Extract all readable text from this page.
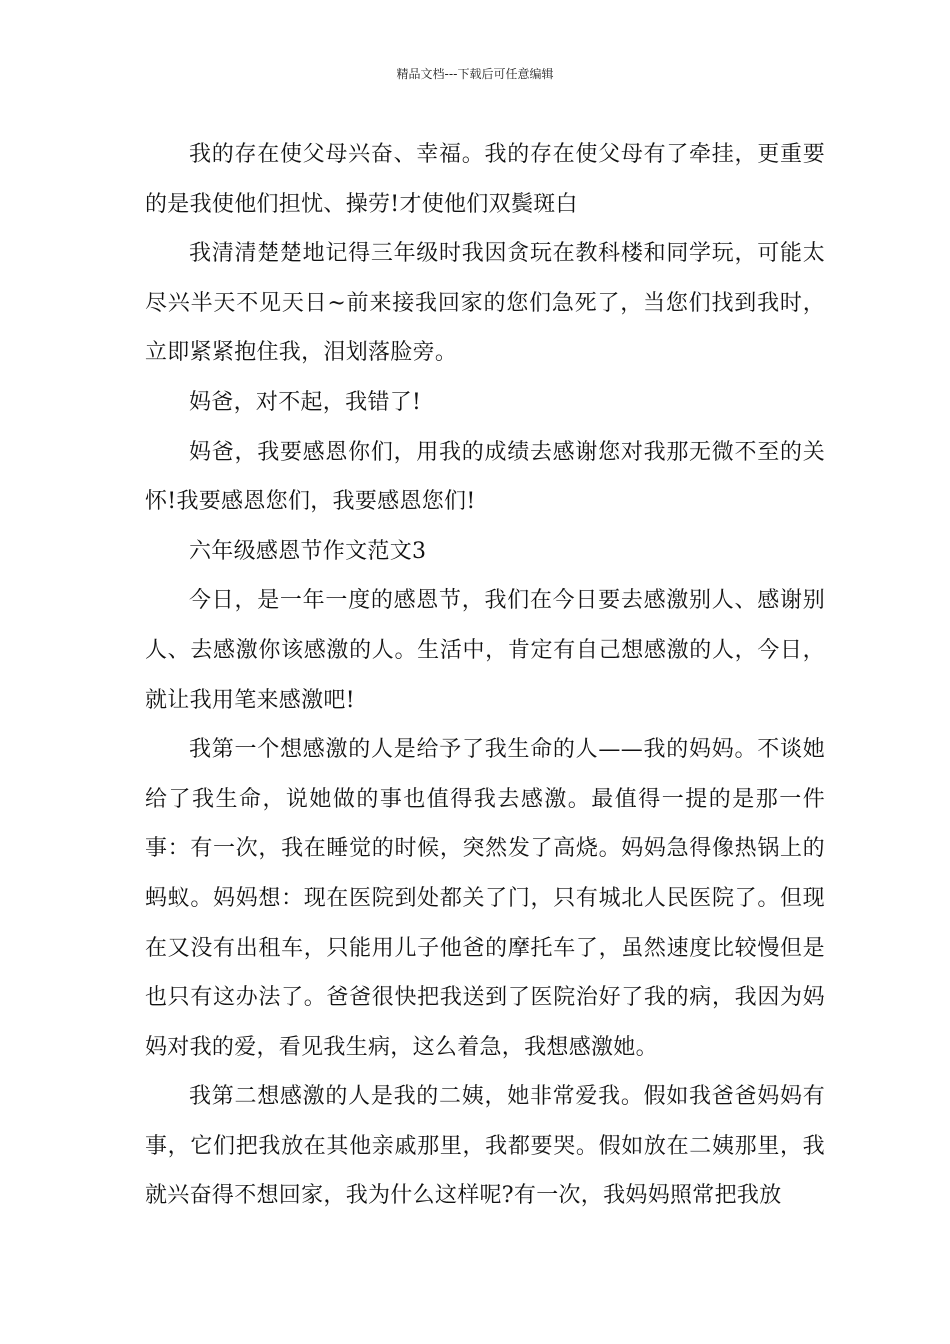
精品文档---下载后可任意编辑

我的存在使父母兴奋、幸福。我的存在使父母有了牵挂，更重要的是我使他们担忧、操劳!才使他们双鬓斑白

我清清楚楚地记得三年级时我因贪玩在教科楼和同学玩，可能太尽兴半天不见天日~前来接我回家的您们急死了，当您们找到我时，立即紧紧抱住我，泪划落脸旁。

妈爸，对不起，我错了!

妈爸，我要感恩你们，用我的成绩去感谢您对我那无微不至的关怀!我要感恩您们，我要感恩您们!

六年级感恩节作文范文3

今日，是一年一度的感恩节，我们在今日要去感激别人、感谢别人、去感激你该感激的人。生活中，肯定有自己想感激的人，今日，就让我用笔来感激吧!

我第一个想感激的人是给予了我生命的人——我的妈妈。不谈她给了我生命，说她做的事也值得我去感激。最值得一提的是那一件事：有一次，我在睡觉的时候，突然发了高烧。妈妈急得像热锅上的蚂蚁。妈妈想：现在医院到处都关了门，只有城北人民医院了。但现在又没有出租车，只能用儿子他爸的摩托车了，虽然速度比较慢但是也只有这办法了。爸爸很快把我送到了医院治好了我的病，我因为妈妈对我的爱，看见我生病，这么着急，我想感激她。

我第二想感激的人是我的二姨，她非常爱我。假如我爸爸妈妈有事，它们把我放在其他亲戚那里，我都要哭。假如放在二姨那里，我就兴奋得不想回家，我为什么这样呢?有一次，我妈妈照常把我放
